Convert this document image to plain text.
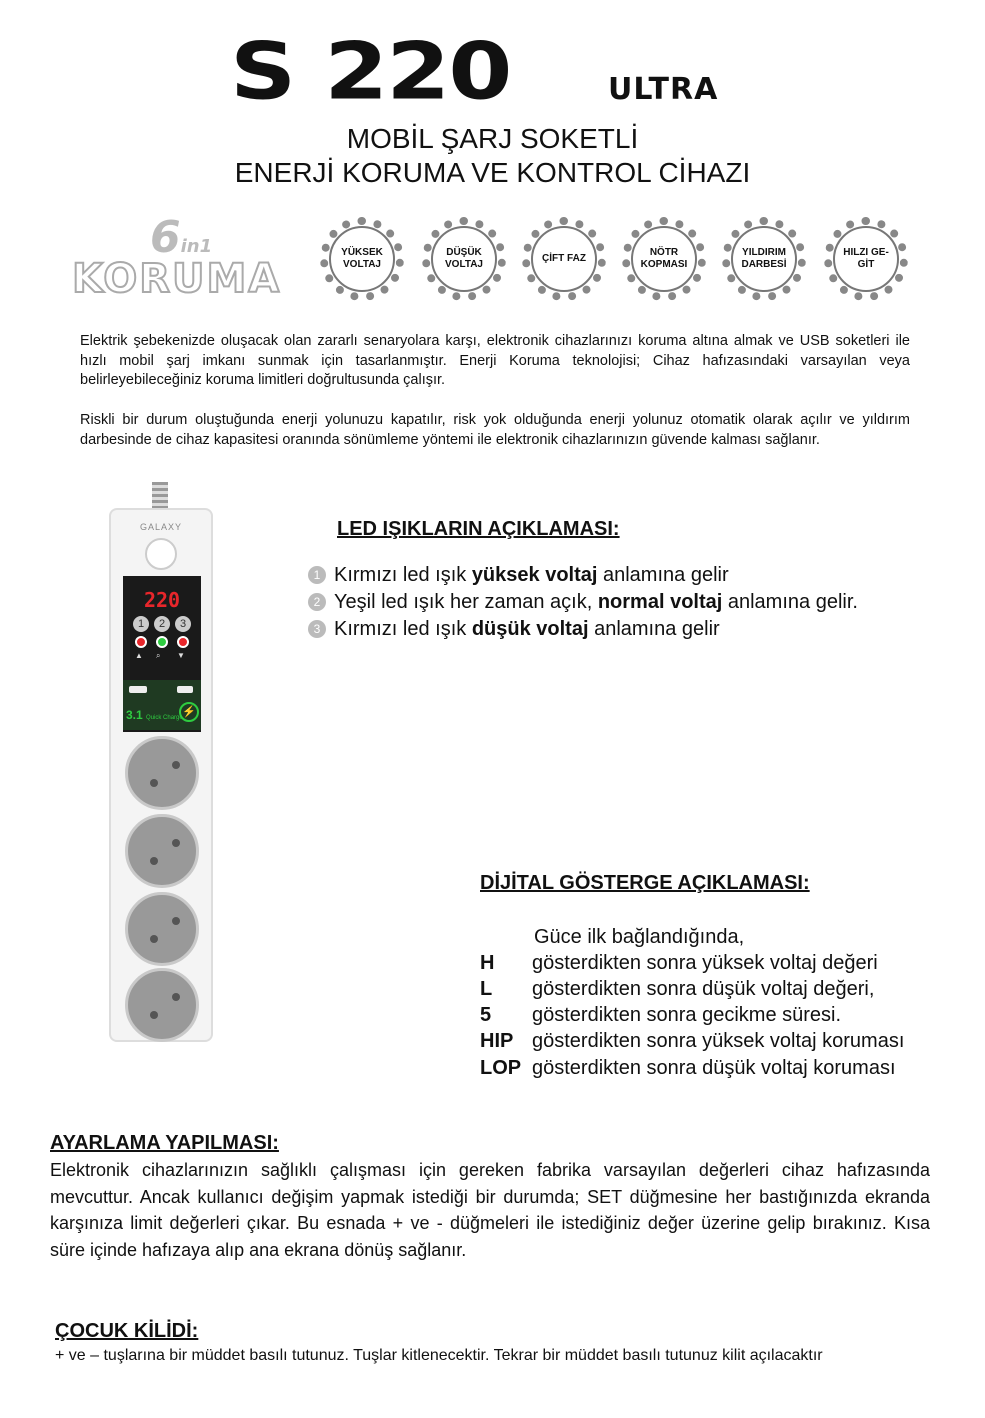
S 220	ULTRA
MOBİL ŞARJ SOKETLİ
ENERJİ KORUMA VE KONTROL CİHAZI
6in1
KORUMA
YÜKSEK VOLTAJ
DÜŞÜK VOLTAJ
ÇİFT FAZ
NÖTR KOPMASI
YILDIRIM DARBESİ
HILZI GE-GİT
Elektrik şebekenizde oluşacak olan zararlı senaryolara karşı, elektronik cihazlarınızı koruma altına almak ve USB soketleri ile hızlı mobil şarj imkanı sunmak için tasarlanmıştır. Enerji Koruma teknolojisi; Cihaz hafızasındaki varsayılan veya belirleyebileceğiniz koruma limitleri doğrultusunda çalışır.
Riskli bir durum oluştuğunda enerji yolunuzu kapatılır, risk yok olduğunda enerji yolunuz otomatik olarak açılır ve yıldırım darbesinde de cihaz kapasitesi oranında sönümleme yöntemi ile elektronik cihazlarınızın güvende kalması sağlanır.
GALAXY
220
1	2	3
▲ ⌕ ▼
3.1 Quick Charge ⚡
LED IŞIKLARIN AÇIKLAMASI:
1 Kırmızı led ışık yüksek voltaj anlamına gelir
2 Yeşil led ışık her zaman açık, normal voltaj anlamına gelir.
3 Kırmızı led ışık düşük voltaj anlamına gelir
DİJİTAL GÖSTERGE AÇIKLAMASI:
Güce ilk bağlandığında,
H gösterdikten sonra yüksek voltaj değeri
L gösterdikten sonra düşük voltaj değeri,
5 gösterdikten sonra gecikme süresi.
HIP gösterdikten sonra yüksek voltaj koruması
LOP gösterdikten sonra düşük voltaj koruması
AYARLAMA YAPILMASI:
Elektronik cihazlarınızın sağlıklı çalışması için gereken fabrika varsayılan değerleri cihaz hafızasında mevcuttur. Ancak kullanıcı değişim yapmak istediği bir durumda; SET düğmesine her bastığınızda ekranda karşınıza limit değerleri çıkar. Bu esnada + ve - düğmeleri ile istediğiniz değer üzerine gelip bırakınız. Kısa süre içinde hafızaya alıp ana ekrana dönüş sağlanır.
ÇOCUK KİLİDİ:
+ ve – tuşlarına bir müddet basılı tutunuz. Tuşlar kitlenecektir. Tekrar bir müddet basılı tutunuz kilit açılacaktır
